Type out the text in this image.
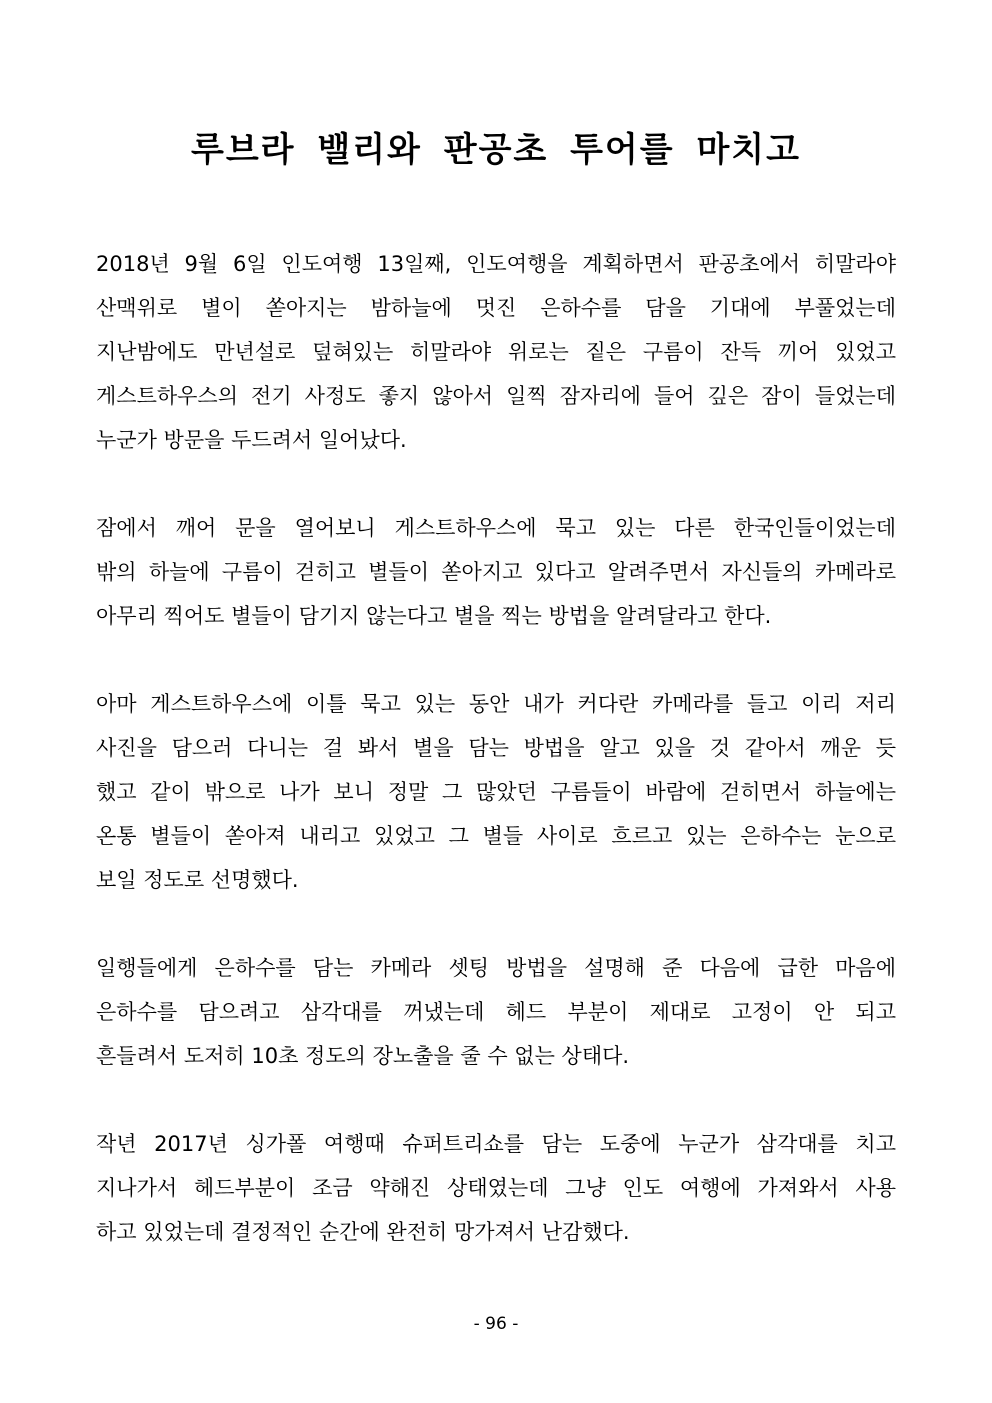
루브라 밸리와 판공초 투어를 마치고

2018년 9월 6일 인도여행 13일째, 인도여행을 계획하면서 판공초에서 히말라야
산맥위로 별이 쏟아지는 밤하늘에 멋진 은하수를 담을 기대에 부풀었는데
지난밤에도 만년설로 덮혀있는 히말라야 위로는 짙은 구름이 잔득 끼어 있었고
게스트하우스의 전기 사정도 좋지 않아서 일찍 잠자리에 들어 깊은 잠이 들었는데
누군가 방문을 두드려서 일어났다.

잠에서 깨어 문을 열어보니 게스트하우스에 묵고 있는 다른 한국인들이었는데
밖의 하늘에 구름이 걷히고 별들이 쏟아지고 있다고 알려주면서 자신들의 카메라로
아무리 찍어도 별들이 담기지 않는다고 별을 찍는 방법을 알려달라고 한다.

아마 게스트하우스에 이틀 묵고 있는 동안 내가 커다란 카메라를 들고 이리 저리
사진을 담으러 다니는 걸 봐서 별을 담는 방법을 알고 있을 것 같아서 깨운 듯
했고 같이 밖으로 나가 보니 정말 그 많았던 구름들이 바람에 걷히면서 하늘에는
온통 별들이 쏟아져 내리고 있었고 그 별들 사이로 흐르고 있는 은하수는 눈으로
보일 정도로 선명했다.

일행들에게 은하수를 담는 카메라 셋팅 방법을 설명해 준 다음에 급한 마음에
은하수를 담으려고 삼각대를 꺼냈는데 헤드 부분이 제대로 고정이 안 되고
흔들려서 도저히 10초 정도의 장노출을 줄 수 없는 상태다.

작년 2017년 싱가폴 여행때 슈퍼트리쇼를 담는 도중에 누군가 삼각대를 치고
지나가서 헤드부분이 조금 약해진 상태였는데 그냥 인도 여행에 가져와서 사용
하고 있었는데 결정적인 순간에 완전히 망가져서 난감했다.

- 96 -
